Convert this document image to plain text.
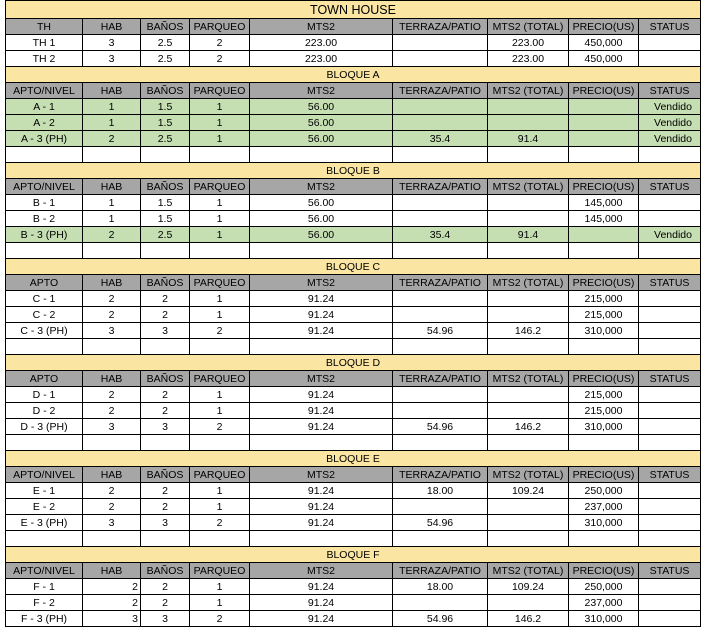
TOWN HOUSE								
TH	HAB	BAÑOS	PARQUEO	MTS2	TERRAZA/PATIO	MTS2 (TOTAL)	PRECIO(US)	STATUS
TH 1	3	2.5	2	223.00		223.00	450,000	
TH 2	3	2.5	2	223.00		223.00	450,000	
BLOQUE A								
APTO/NIVEL	HAB	BAÑOS	PARQUEO	MTS2	TERRAZA/PATIO	MTS2 (TOTAL)	PRECIO(US)	STATUS
A - 1	1	1.5	1	56.00				Vendido
A - 2	1	1.5	1	56.00				Vendido
A - 3 (PH)	2	2.5	1	56.00	35.4	91.4		Vendido

BLOQUE B								
APTO/NIVEL	HAB	BAÑOS	PARQUEO	MTS2	TERRAZA/PATIO	MTS2 (TOTAL)	PRECIO(US)	STATUS
B - 1	1	1.5	1	56.00			145,000	
B - 2	1	1.5	1	56.00			145,000	
B - 3 (PH)	2	2.5	1	56.00	35.4	91.4		Vendido

BLOQUE C								
APTO	HAB	BAÑOS	PARQUEO	MTS2	TERRAZA/PATIO	MTS2 (TOTAL)	PRECIO(US)	STATUS
C - 1	2	2	1	91.24			215,000	
C - 2	2	2	1	91.24			215,000	
C - 3 (PH)	3	3	2	91.24	54.96	146.2	310,000	

BLOQUE D								
APTO	HAB	BAÑOS	PARQUEO	MTS2	TERRAZA/PATIO	MTS2 (TOTAL)	PRECIO(US)	STATUS
D - 1	2	2	1	91.24			215,000	
D - 2	2	2	1	91.24			215,000	
D - 3 (PH)	3	3	2	91.24	54.96	146.2	310,000	

BLOQUE E								
APTO/NIVEL	HAB	BAÑOS	PARQUEO	MTS2	TERRAZA/PATIO	MTS2 (TOTAL)	PRECIO(US)	STATUS
E - 1	2	2	1	91.24	18.00	109.24	250,000	
E - 2	2	2	1	91.24			237,000	
E - 3 (PH)	3	3	2	91.24	54.96		310,000	

BLOQUE F								
APTO/NIVEL	HAB	BAÑOS	PARQUEO	MTS2	TERRAZA/PATIO	MTS2 (TOTAL)	PRECIO(US)	STATUS
F - 1	2	2	1	91.24	18.00	109.24	250,000	
F - 2	2	2	1	91.24			237,000	
F - 3 (PH)	3	3	2	91.24	54.96	146.2	310,000	
